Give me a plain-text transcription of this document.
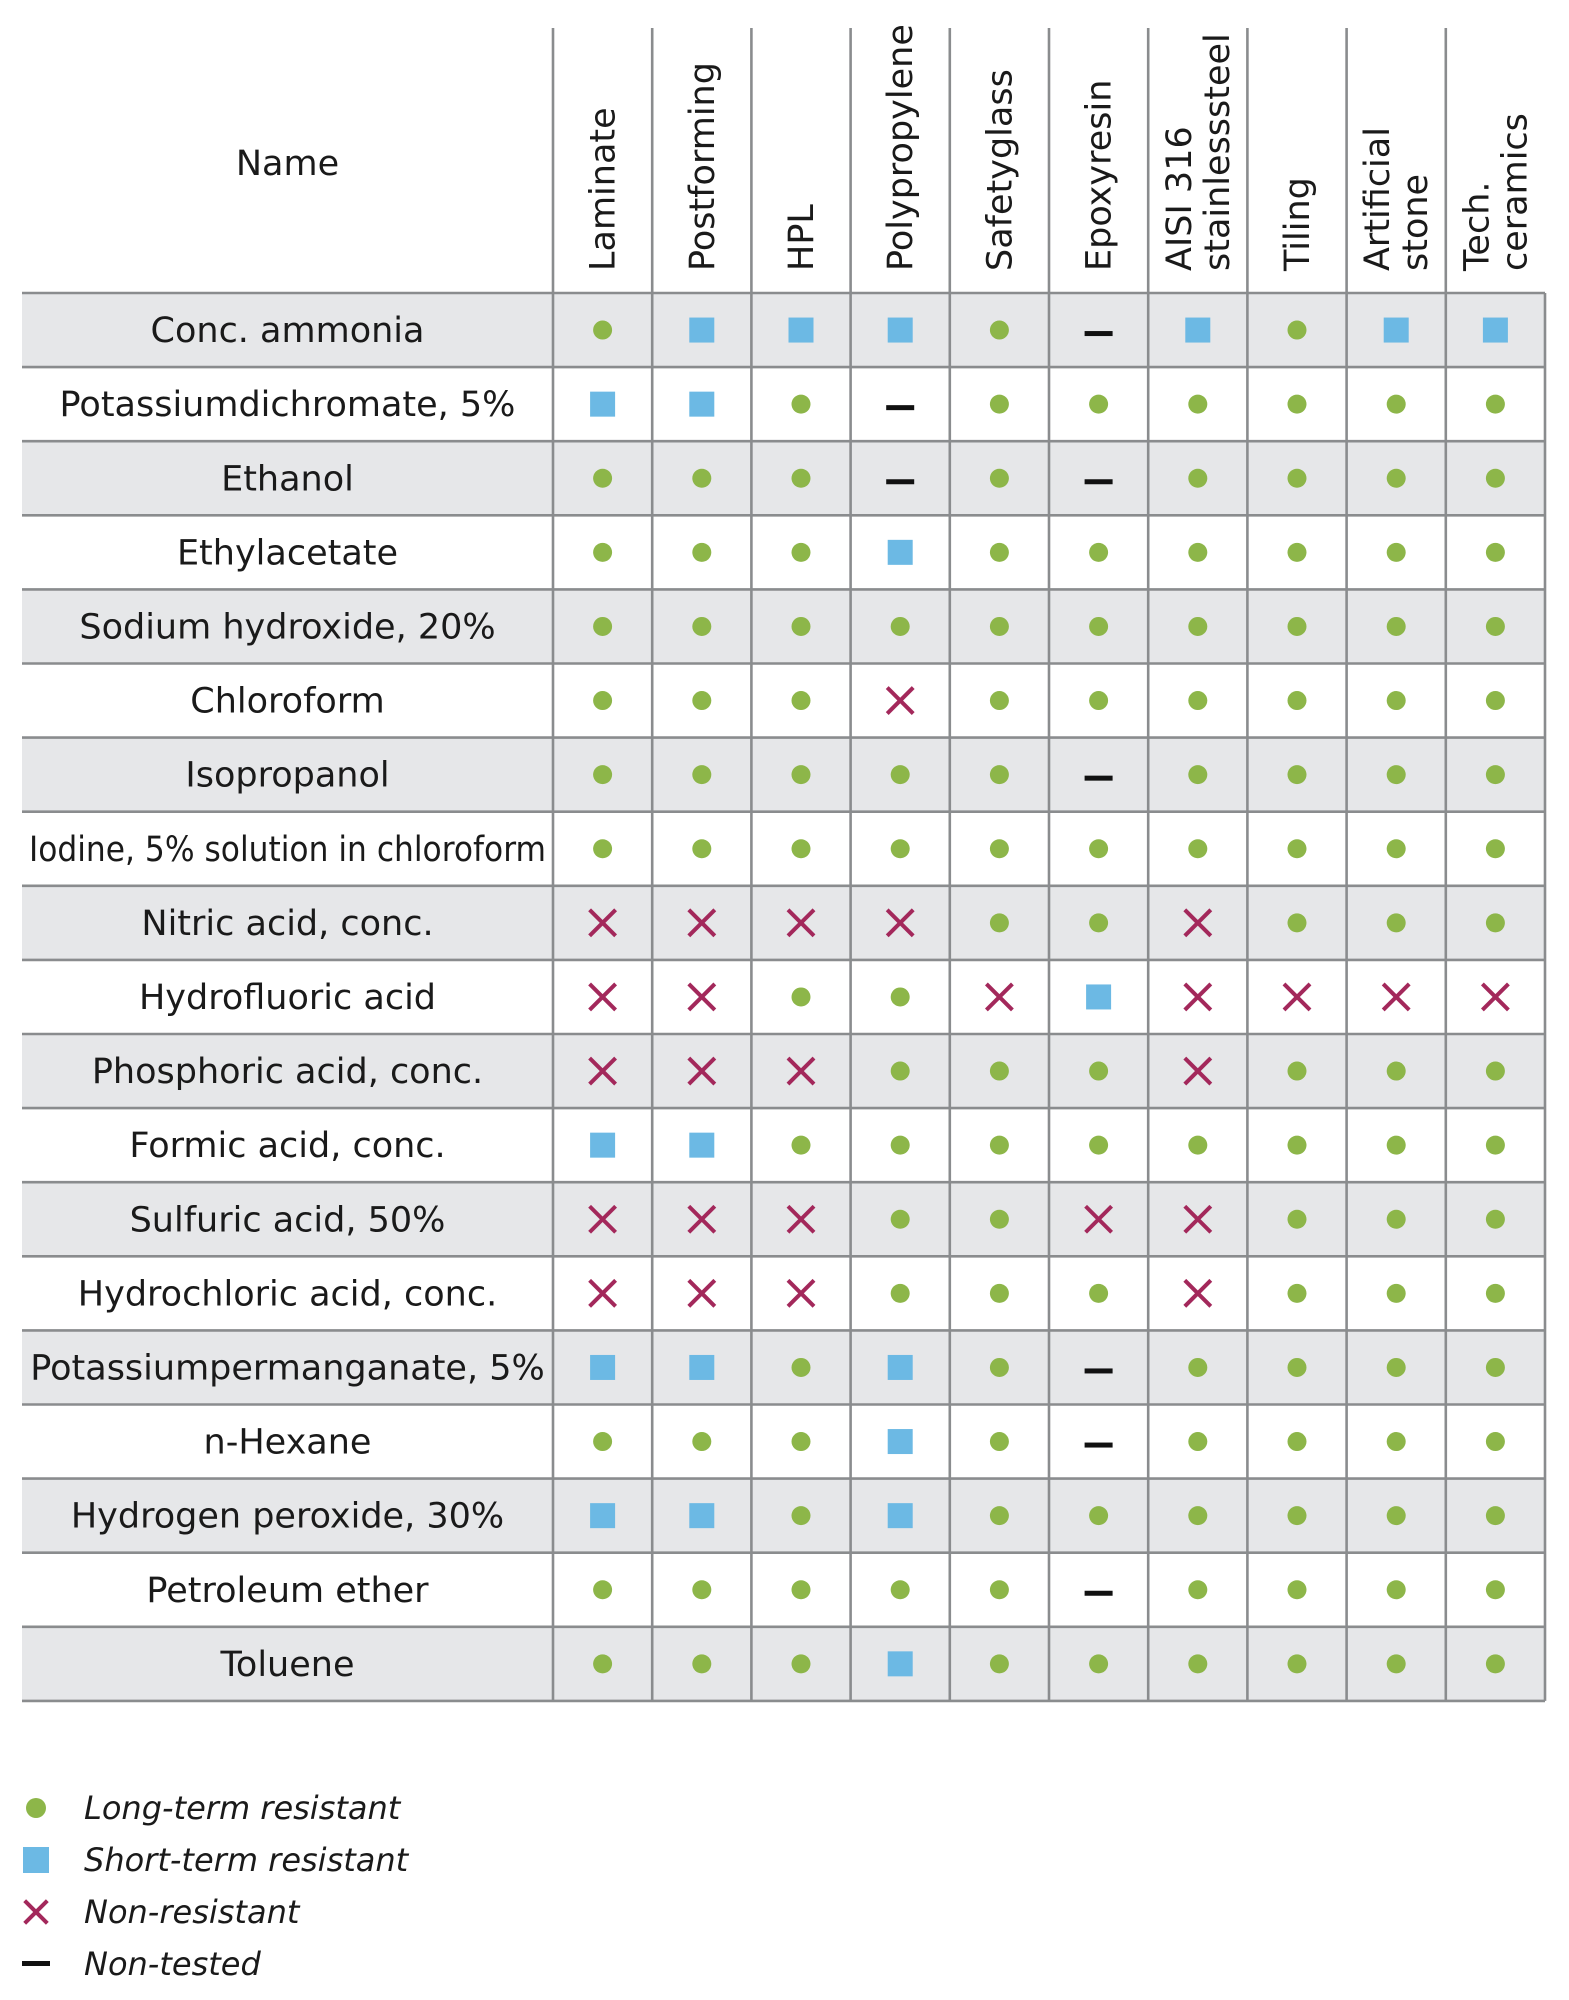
Name	Laminate Postforming HPL Polypropylene Safetyglass Epoxyresin AISI 316
stainlesssteel Tiling Artificial
stone Tech.
ceramics
Conc. ammonia
Potassiumdichromate, 5%
Ethanol
Ethylacetate
Sodium hydroxide, 20%
Chloroform
Isopropanol
Iodine, 5% solution in chloroform
Nitric acid, conc.
Hydrofluoric acid
Phosphoric acid, conc.
Formic acid, conc.
Sulfuric acid, 50%
Hydrochloric acid, conc.
Potassiumpermanganate, 5%
n-Hexane
Hydrogen peroxide, 30%
Petroleum ether
Toluene
Long-term resistant
Short-term resistant
Non-resistant
Non-tested
